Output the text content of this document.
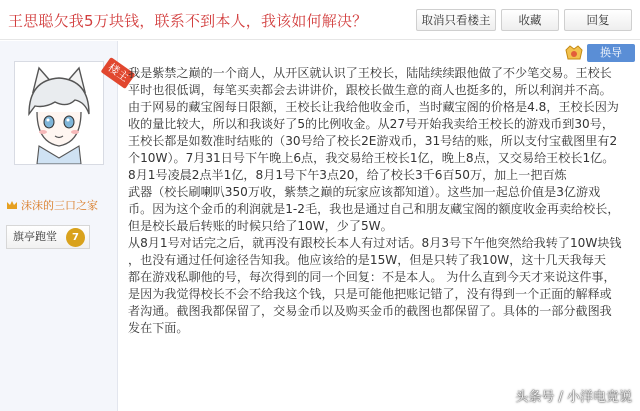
王思聪欠我5万块钱，联系不到本人，我该如何解决？	取消只看楼主	收藏	回复
楼主
沫沫的三口之家
旗亭跑堂	7
换导

我是紫禁之巅的一个商人，从开区就认识了王校长，陆陆续续跟他做了不少笔交易。王校长

平时也很低调，每笔买卖都会去讲讲价，跟校长做生意的商人也挺多的，所以利润并不高。

由于网易的藏宝阁每日限额，王校长让我给他收金币，当时藏宝阁的价格是4.8，王校长因为

收的量比较大，所以和我谈好了5的比例收金。从27号开始我卖给王校长的游戏币到30号，

王校长都是如数准时结账的（30号给了校长2E游戏币，31号结的账，所以支付宝截图里有2

个10W）。7月31日号下午晚上6点，我交易给王校长1亿，晚上8点，又交易给王校长1亿。

8月1号凌晨2点半1亿，8月1号下午3点20，给了校长3千6百50万，加上一把百炼

武器（校长刷喇叭350万收，紫禁之巅的玩家应该都知道）。这些加一起总价值是3亿游戏

币。因为这个金币的利润就是1-2毛，我也是通过自己和朋友藏宝阁的额度收金再卖给校长，

但是校长最后转账的时候只给了10W，少了5W。

从8月1号对话完之后，就再没有跟校长本人有过对话。8月3号下午他突然给我转了10W块钱

，也没有通过任何途径告知我。他应该给的是15W，但是只转了我10W，这十几天我每天

都在游戏私聊他的号，每次得到的同一个回复：不是本人。 为什么直到今天才来说这件事，

是因为我觉得校长不会不给我这个钱，只是可能他把账记错了，没有得到一个正面的解释或

者沟通。截图我都保留了，交易金币以及购买金币的截图也都保留了。具体的一部分截图我

发在下面。

头条号 / 小洋电竞说
